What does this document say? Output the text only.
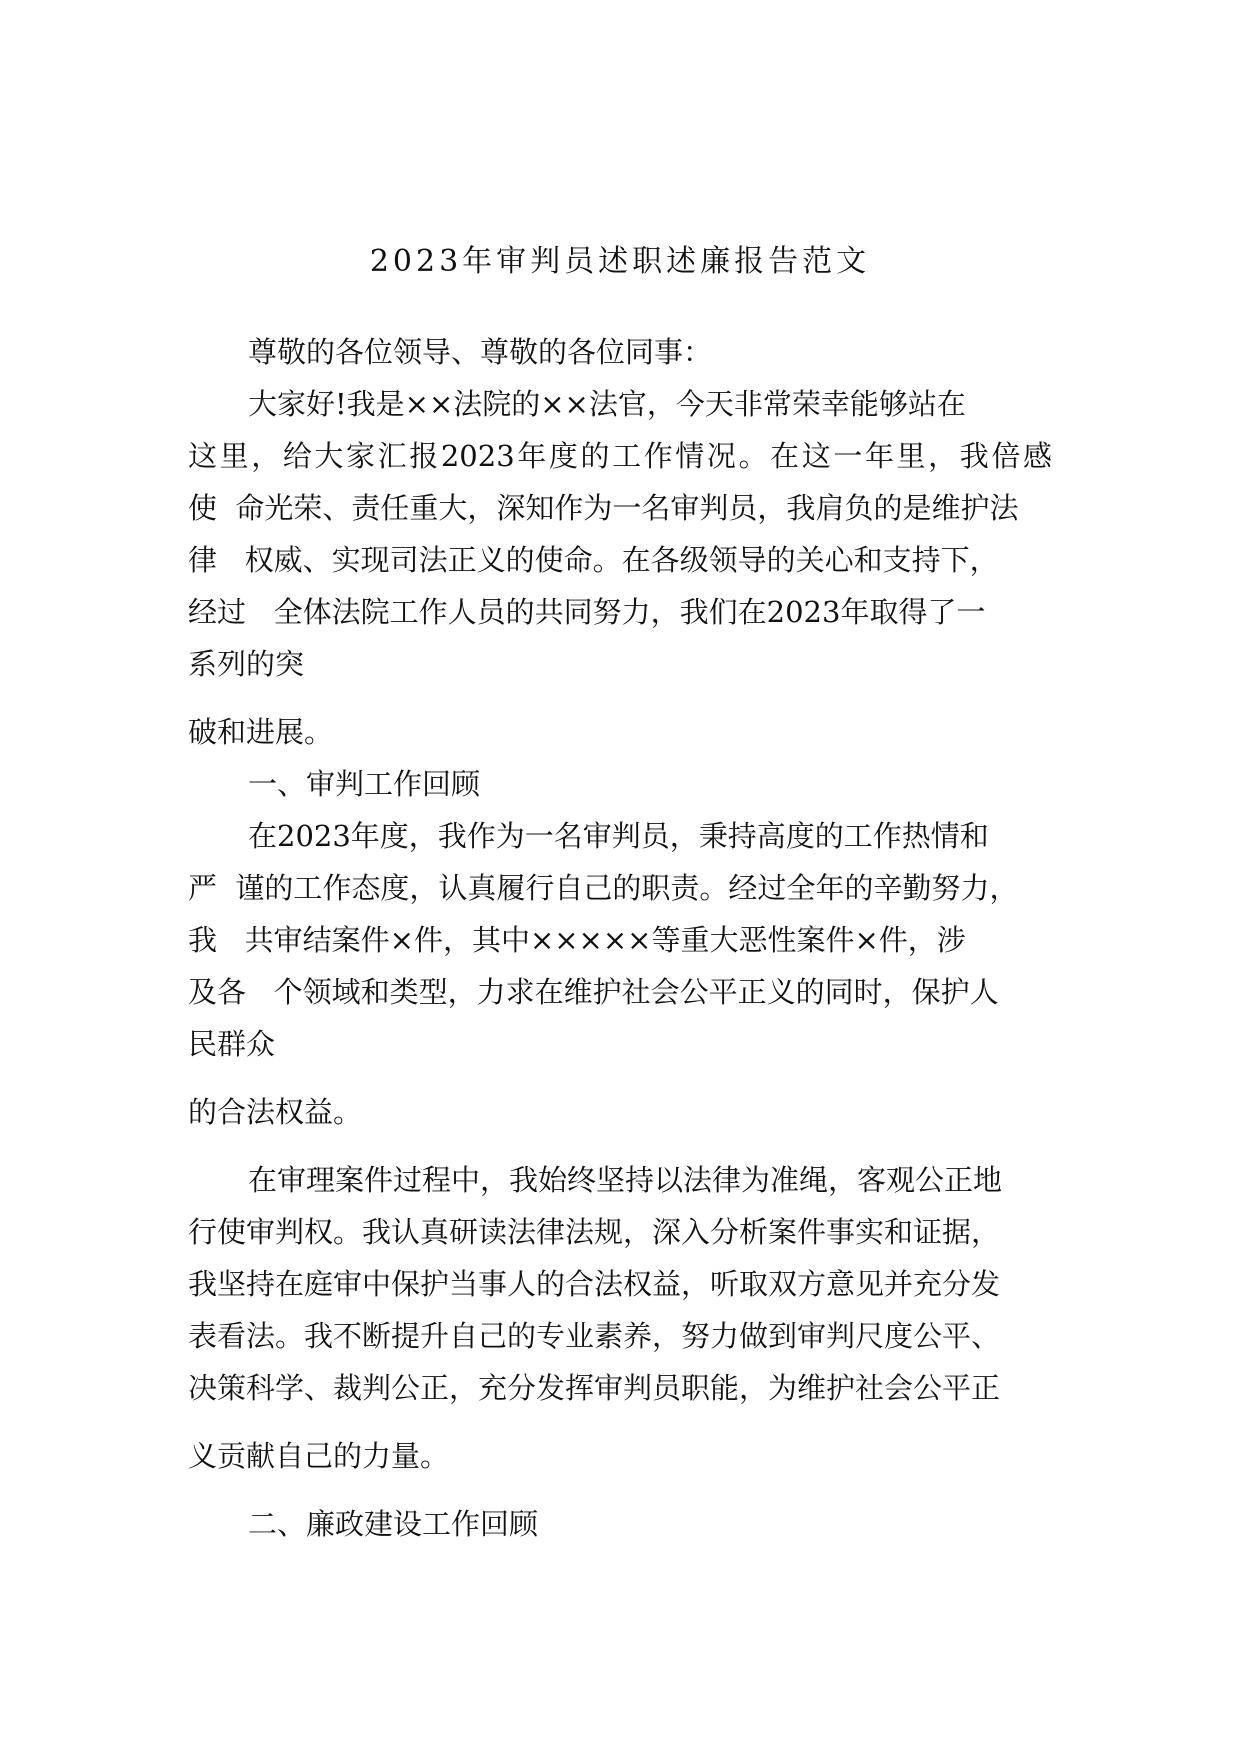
2023年审判员述职述廉报告范文
尊敬的各位领导、尊敬的各位同事：
大家好!我是××法院的××法官，今天非常荣幸能够站在
这里，给大家汇报2023年度的工作情况。在这一年里，我倍感
使  命光荣、责任重大，深知作为一名审判员，我肩负的是维护法
律   权威、实现司法正义的使命。在各级领导的关心和支持下，
经过   全体法院工作人员的共同努力，我们在2023年取得了一
系列的突
破和进展。
一、审判工作回顾
在2023年度，我作为一名审判员，秉持高度的工作热情和
严  谨的工作态度，认真履行自己的职责。经过全年的辛勤努力，
我   共审结案件×件，其中×××××等重大恶性案件×件，涉
及各   个领域和类型，力求在维护社会公平正义的同时，保护人
民群众
的合法权益。
在审理案件过程中，我始终坚持以法律为准绳，客观公正地
行使审判权。我认真研读法律法规，深入分析案件事实和证据，
我坚持在庭审中保护当事人的合法权益，听取双方意见并充分发
表看法。我不断提升自己的专业素养，努力做到审判尺度公平、
决策科学、裁判公正，充分发挥审判员职能，为维护社会公平正
义贡献自己的力量。
二、廉政建设工作回顾
